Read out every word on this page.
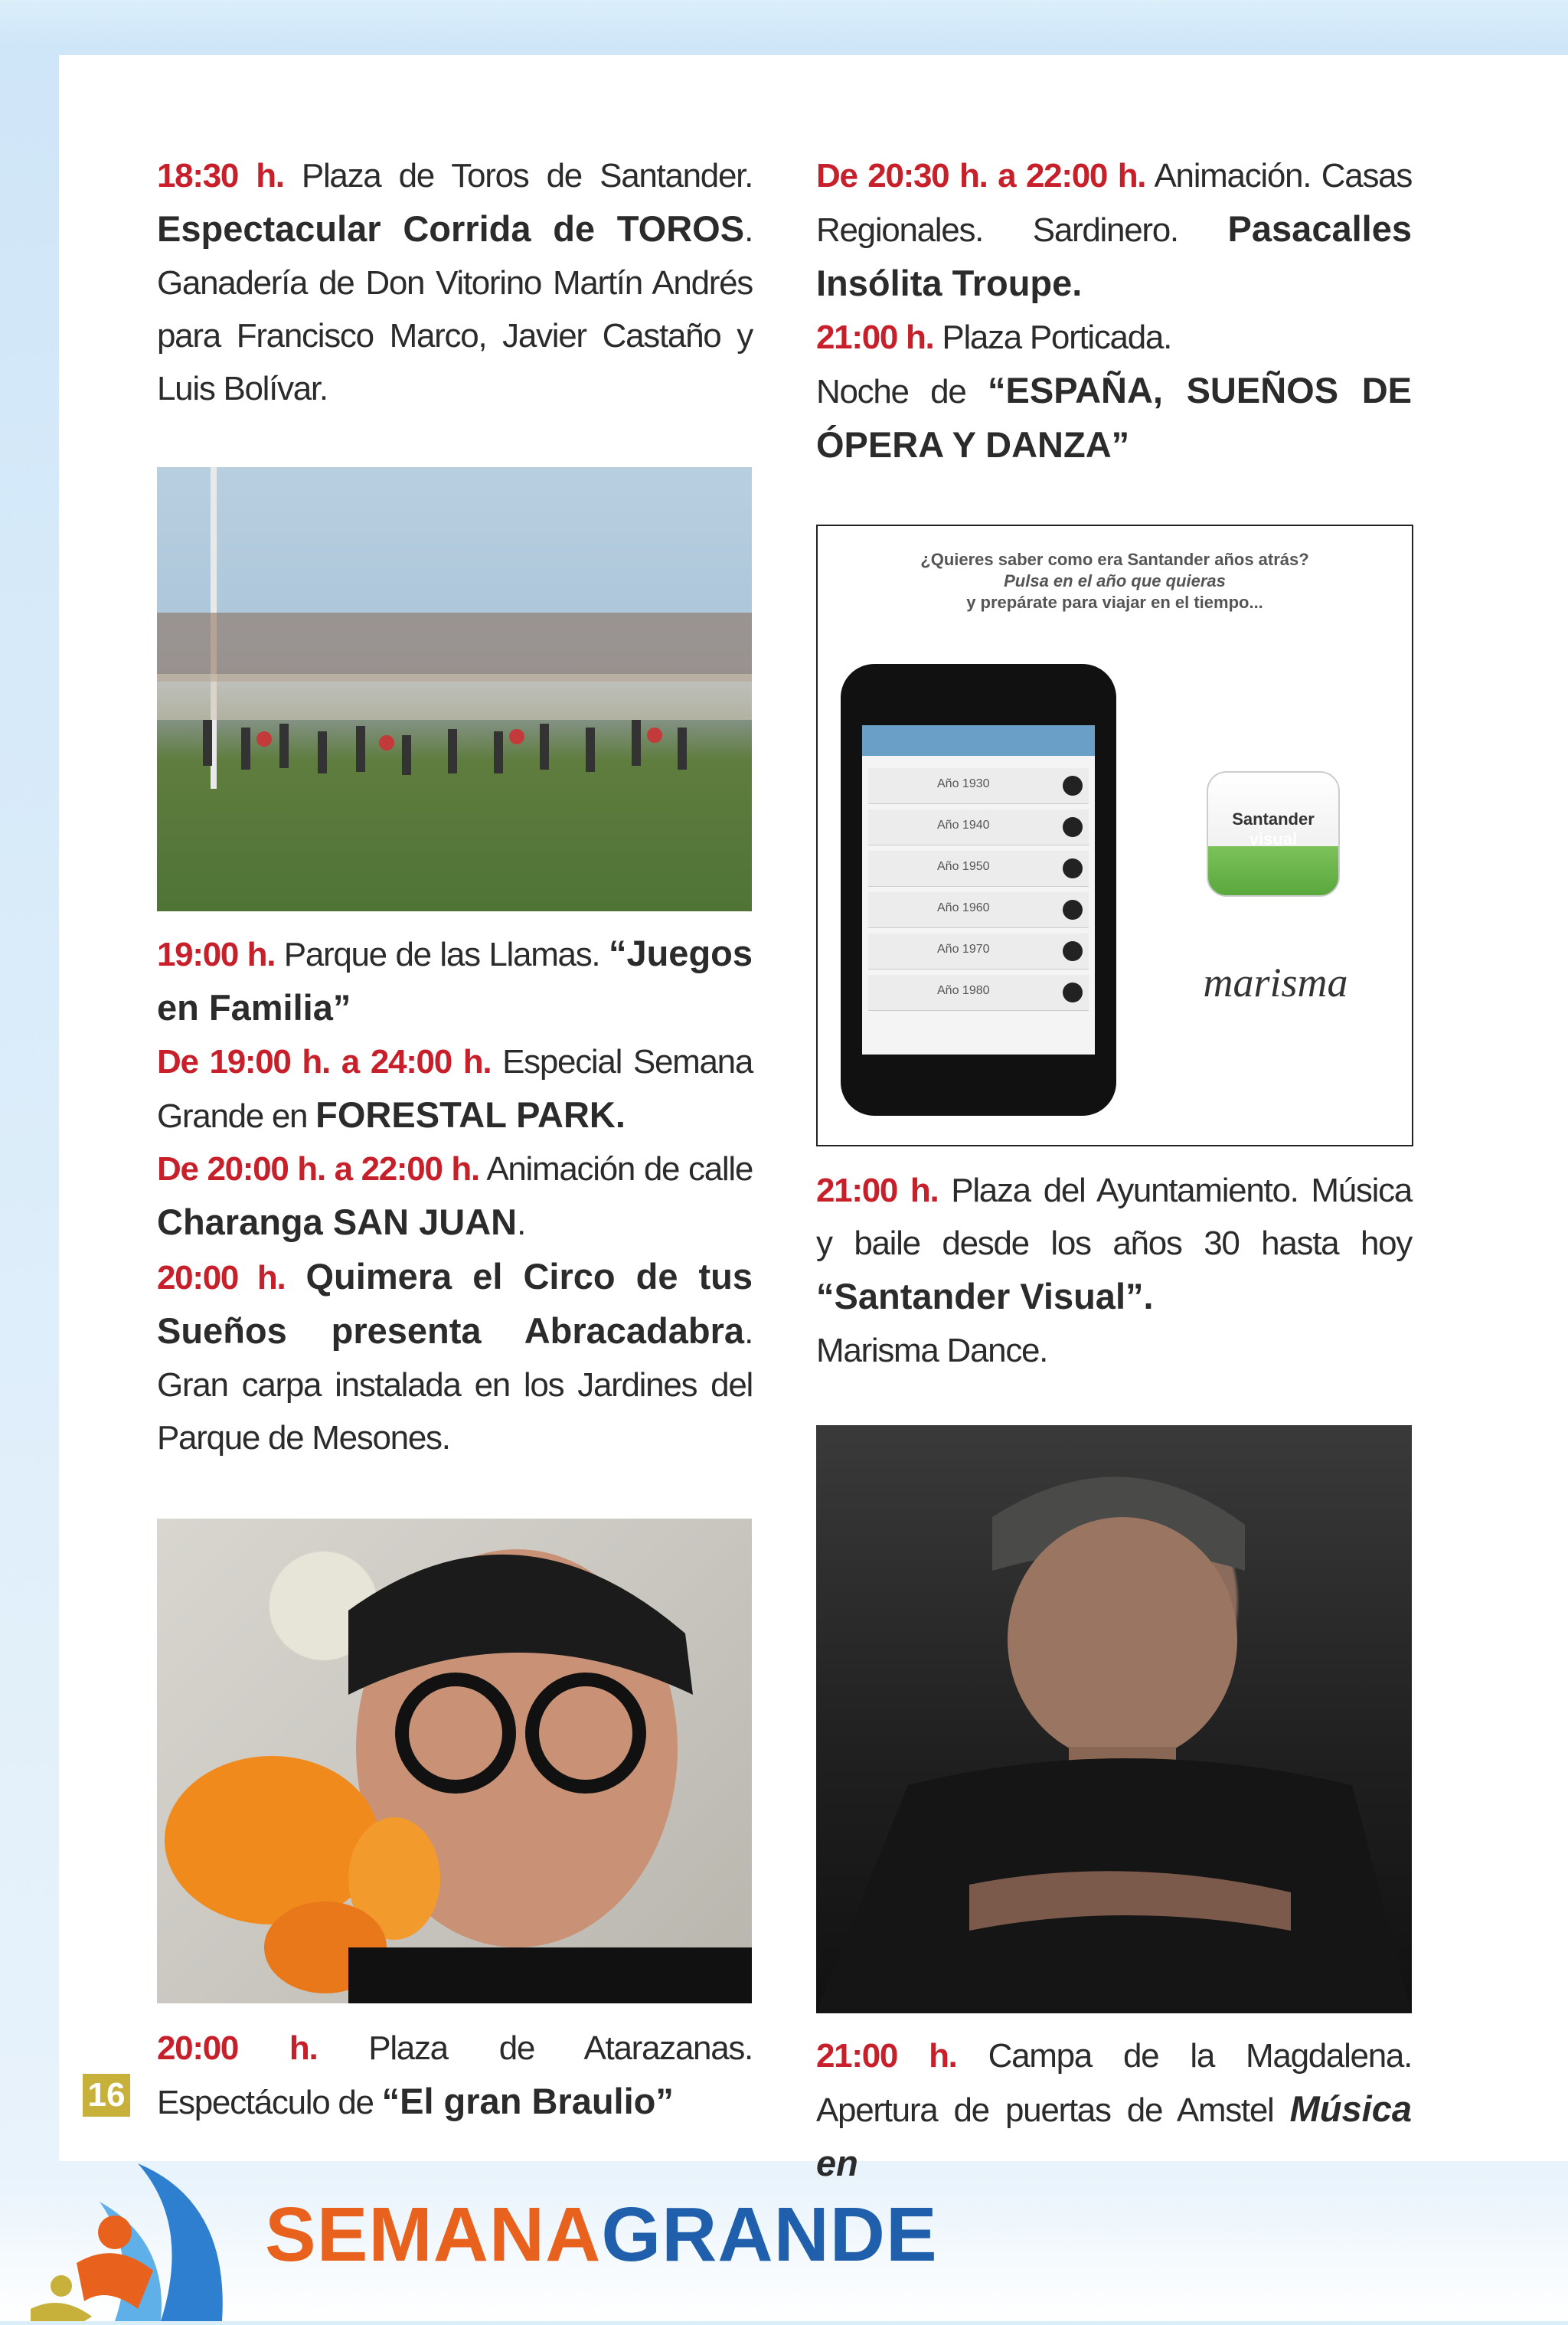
18:30 h. Plaza de Toros de Santander. Espectacular Corrida de TOROS. Ganadería de Don Vitorino Martín Andrés para Francisco Marco, Javier Castaño y Luis Bolívar.

19:00 h. Parque de las Llamas. “Juegos en Familia”

De 19:00 h. a 24:00 h. Especial Semana Grande en FORESTAL PARK.

De 20:00 h. a 22:00 h. Animación de calle Charanga SAN JUAN.

20:00 h. Quimera el Circo de tus Sueños presenta Abracadabra. Gran carpa instalada en los Jardines del Parque de Mesones.

20:00 h. Plaza de Atarazanas. Espectáculo de “El gran Braulio”

De 20:30 h. a 22:00 h. Animación. Casas Regionales. Sardinero. Pasacalles Insólita Troupe.

21:00 h. Plaza Porticada.

Noche de “ESPAÑA, SUEÑOS DE ÓPERA Y DANZA”

¿Quieres saber como era Santander años atrás?
Pulsa en el año que quieras
y prepárate para viajar en el tiempo...
Año 1930
Año 1940
Año 1950
Año 1960
Año 1970
Año 1980
Santander
visual
marisma

21:00 h. Plaza del Ayuntamiento. Música y baile desde los años 30 hasta hoy “Santander Visual”.
Marisma Dance.

21:00 h. Campa de la Magdalena. Apertura de puertas de Amstel Música en

16
SEMANAGRANDE
